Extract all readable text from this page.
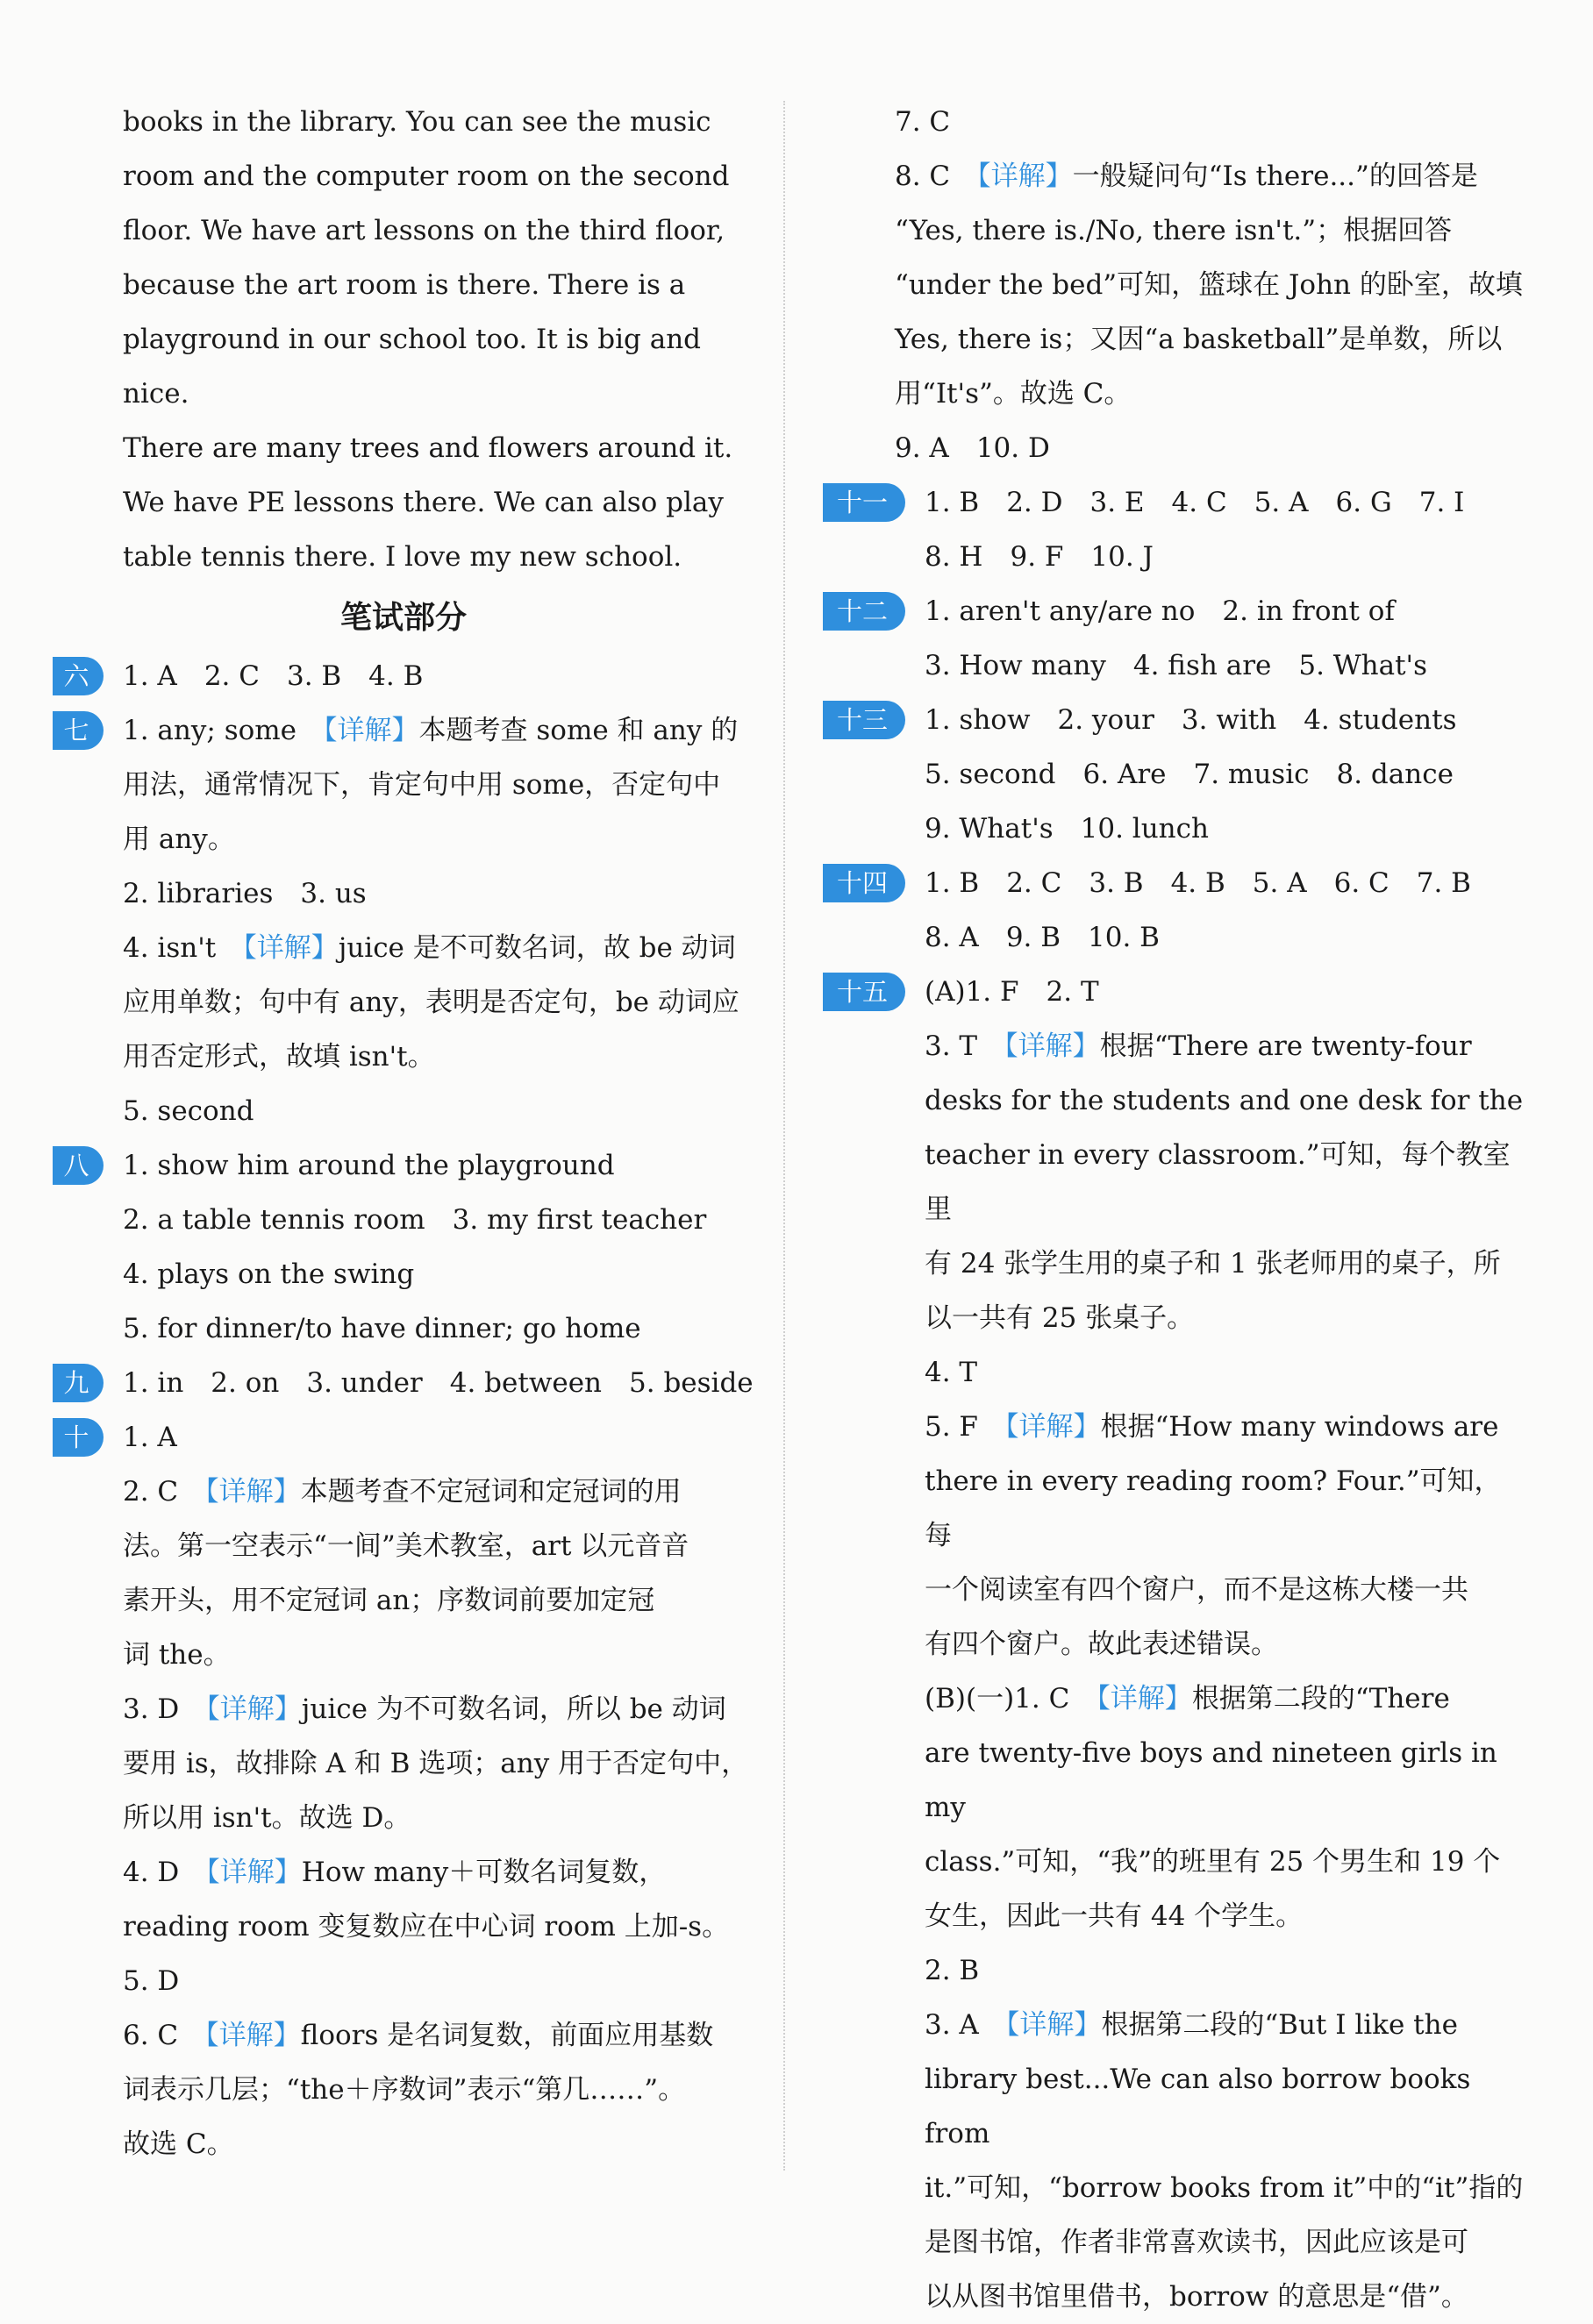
books in the library. You can see the music
room and the computer room on the second
floor. We have art lessons on the third floor,
because the art room is there. There is a
playground in our school too. It is big and nice.
There are many trees and flowers around it.
We have PE lessons there. We can also play
table tennis there. I love my new school.
笔试部分
六	1. A　2. C　3. B　4. B
七	1. any; some　 【详解】本题考查 some 和 any 的
用法，通常情况下，肯定句中用 some，否定句中
用 any。
2. libraries　3. us
4. isn't　 【详解】juice 是不可数名词，故 be 动词
应用单数；句中有 any，表明是否定句，be 动词应
用否定形式，故填 isn't。
5. second
八	1. show him around the playground
2. a table tennis room　3. my first teacher
4. plays on the swing
5. for dinner/to have dinner; go home
九	1. in　2. on　3. under　4. between　5. beside
十	1. A
2. C　 【详解】本题考查不定冠词和定冠词的用
法。第一空表示“一间”美术教室，art 以元音音
素开头，用不定冠词 an；序数词前要加定冠
词 the。
3. D　 【详解】juice 为不可数名词，所以 be 动词
要用 is，故排除 A 和 B 选项；any 用于否定句中，
所以用 isn't。故选 D。
4. D　 【详解】How many＋可数名词复数，
reading room 变复数应在中心词 room 上加-s。
5. D
6. C　 【详解】floors 是名词复数，前面应用基数
词表示几层；“the＋序数词”表示“第几……”。
故选 C。
7. C
8. C　 【详解】一般疑问句“Is there...”的回答是
“Yes, there is./No, there isn't.”；根据回答
“under the bed”可知，篮球在 John 的卧室，故填
Yes, there is；又因“a basketball”是单数，所以
用“It's”。故选 C。
9. A　10. D
十一	1. B　2. D　3. E　4. C　5. A　6. G　7. I
8. H　9. F　10. J
十二	1. aren't any/are no　2. in front of
3. How many　4. fish are　5. What's
十三	1. show　2. your　3. with　4. students
5. second　6. Are　7. music　8. dance
9. What's　10. lunch
十四	1. B　2. C　3. B　4. B　5. A　6. C　7. B
8. A　9. B　10. B
十五	(A)1. F　2. T
3. T　 【详解】根据“There are twenty-four
desks for the students and one desk for the
teacher in every classroom.”可知，每个教室里
有 24 张学生用的桌子和 1 张老师用的桌子，所
以一共有 25 张桌子。
4. T
5. F　 【详解】根据“How many windows are
there in every reading room? Four.”可知，每
一个阅读室有四个窗户，而不是这栋大楼一共
有四个窗户。故此表述错误。
(B)(一)1. C　 【详解】根据第二段的“There
are twenty-five boys and nineteen girls in my
class.”可知，“我”的班里有 25 个男生和 19 个
女生，因此一共有 44 个学生。
2. B
3. A　 【详解】根据第二段的“But I like the
library best...We can also borrow books from
it.”可知，“borrow books from it”中的“it”指的
是图书馆，作者非常喜欢读书，因此应该是可
以从图书馆里借书，borrow 的意思是“借”。
